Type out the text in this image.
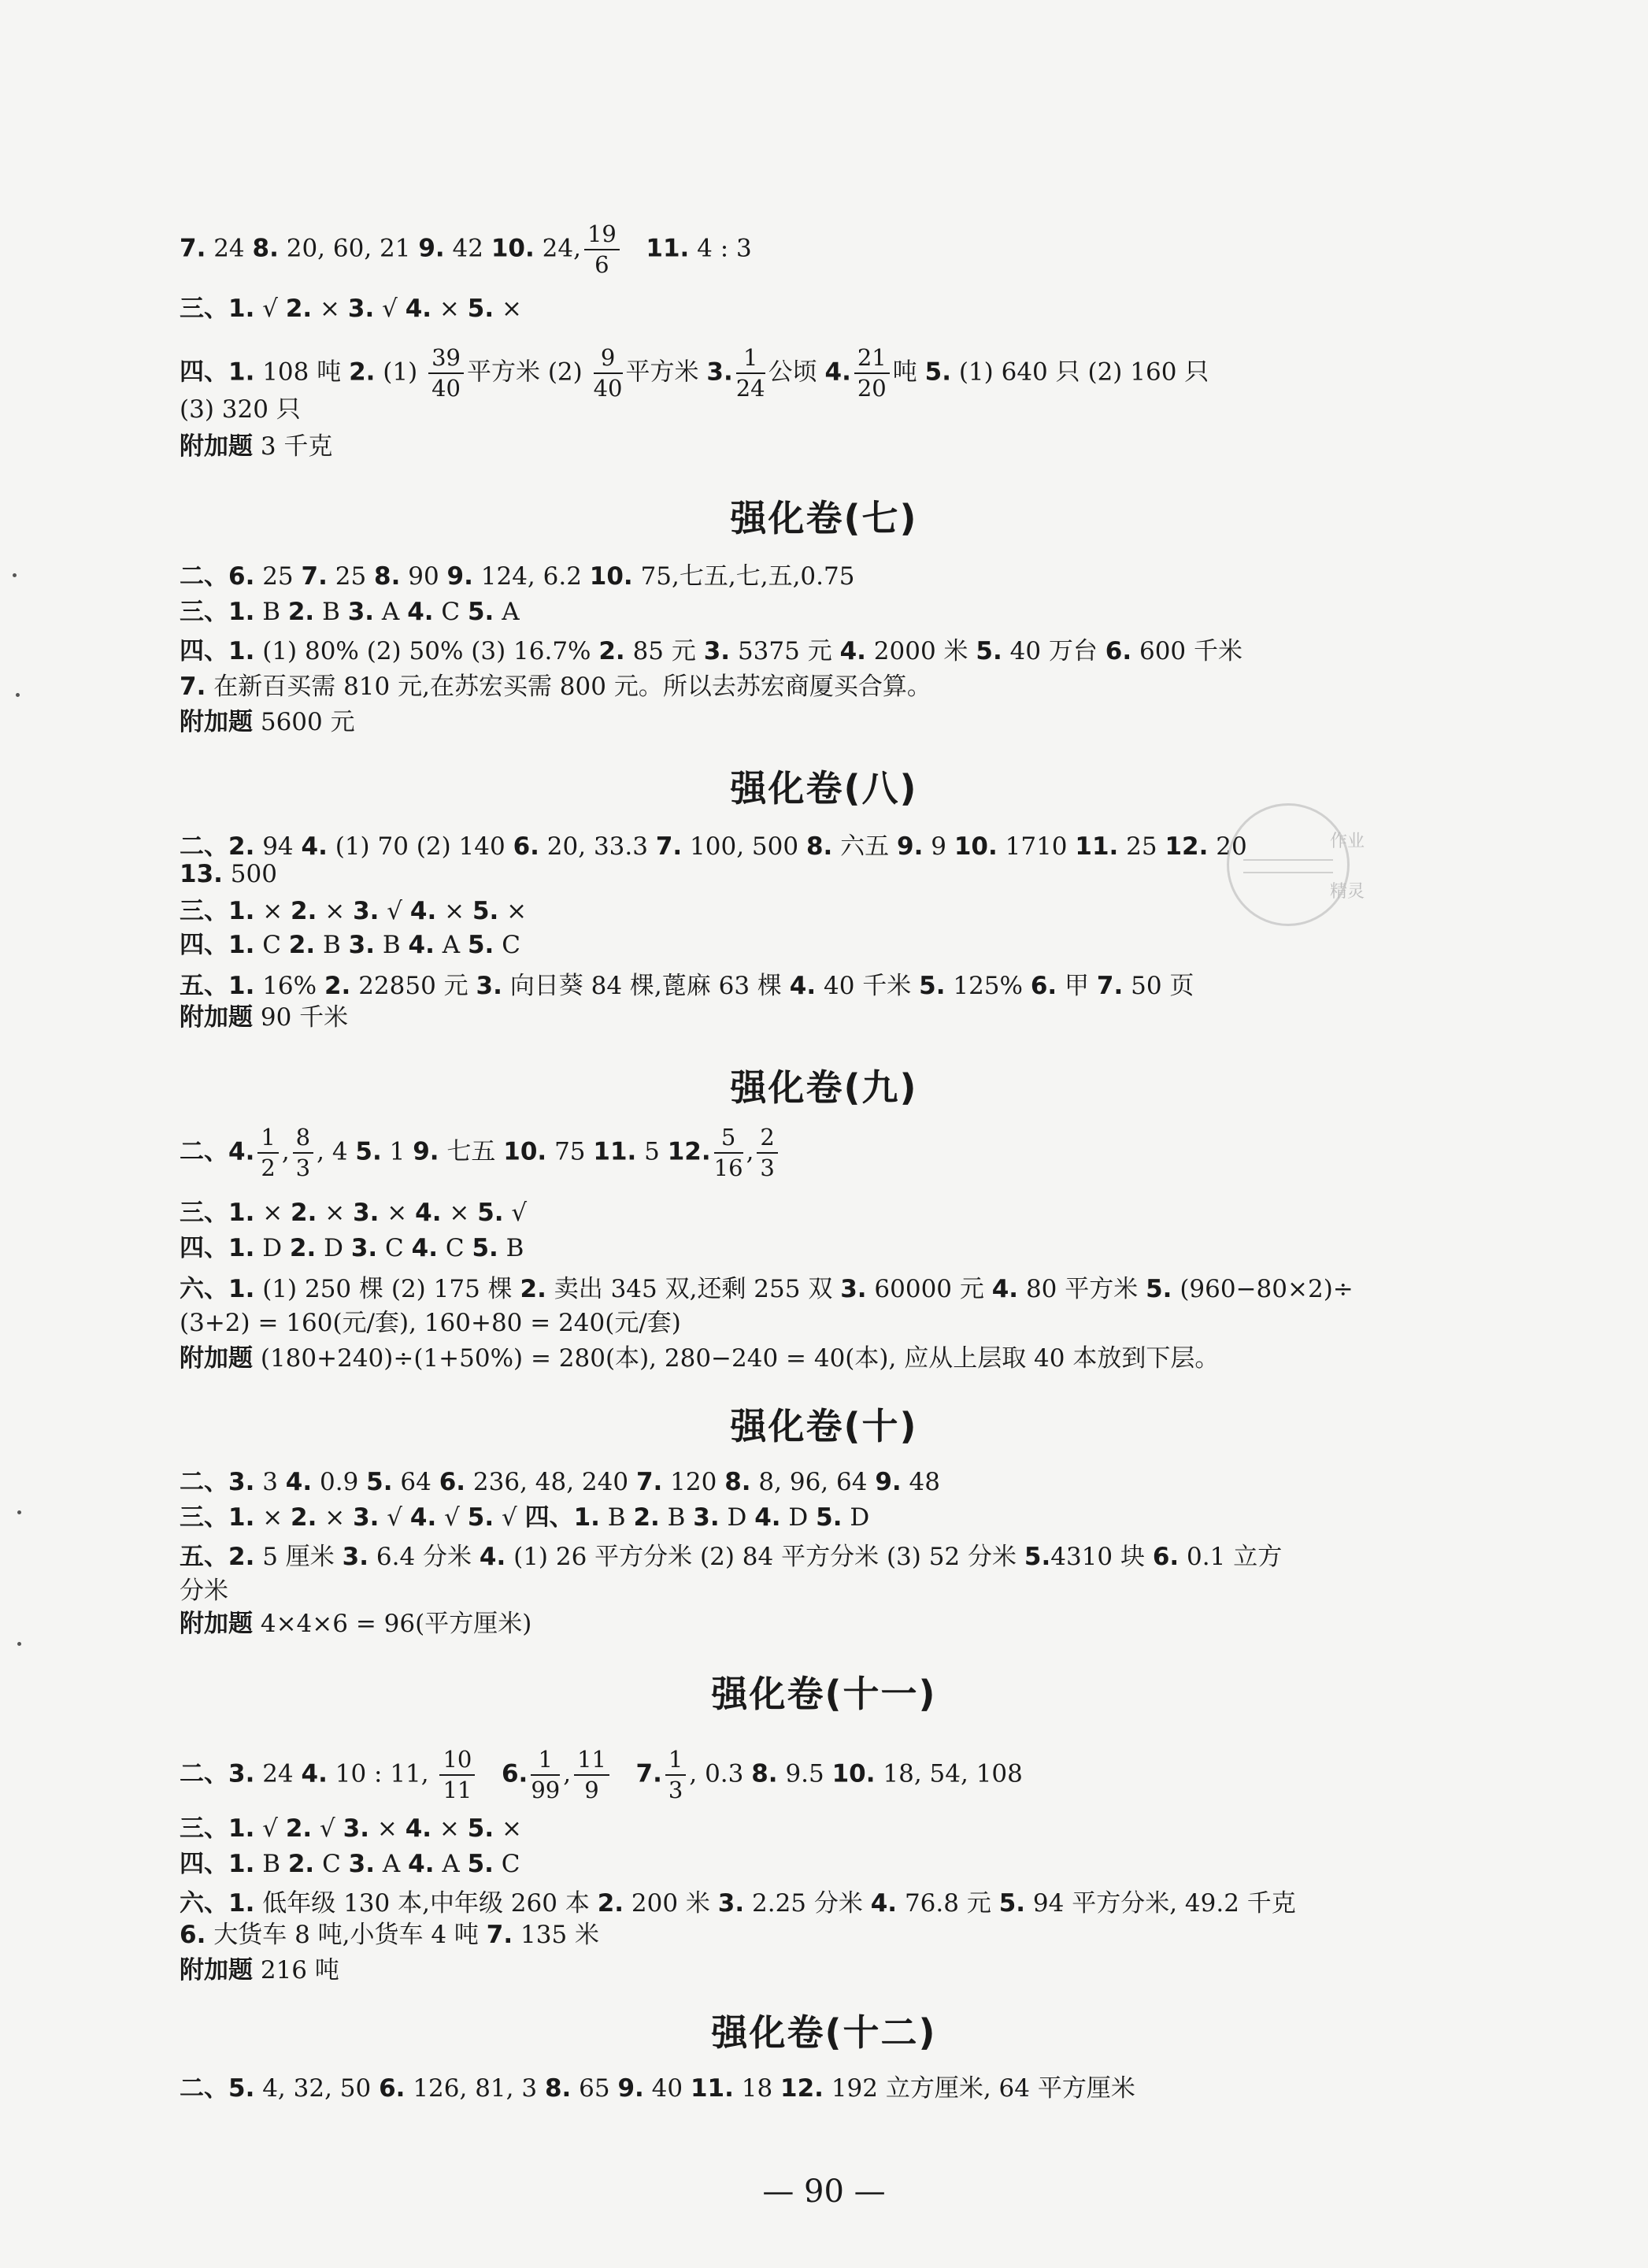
7. 24 8. 20, 60, 21 9. 42 10. 24, $\frac{19}{6} 11$. 4 : 3
三、1. √ 2. × 3. √ 4. × 5. ×
四、1. 108 吨 2. $(1) \frac{39}{40}$ 平方米 $(2) \frac{9}{40}$ 平方米 3. $\frac{1}{24}$ 公顷 4. $\frac{21}{20}$ 吨 5. (1) 640 只 (2) 160 只
(3) 320 只
附加题 3 千克
强化卷(七)
二、6. 25 7. 25 8. 90 9. 124, 6.2 10. 75,七五,七,五,0.75
三、1. B 2. B 3. A 4. C 5. A
四、1. (1) 80% (2) 50% (3) 16.7% 2. 85 元 3. 5375 元 4. 2000 米 5. 40 万台 6. 600 千米
7. 在新百买需 810 元,在苏宏买需 800 元。所以去苏宏商厦买合算。
附加题 5600 元
强化卷(八)
二、2. 94 4. (1) 70 (2) 140 6. 20, 33.3 7. 100, 500 8. 六五 9. 9 10. 1710 11. 25 12. 20
13. 500
三、1. × 2. × 3. √ 4. × 5. ×
四、1. C 2. B 3. B 4. A 5. C
五、1. 16% 2. 22850 元 3. 向日葵 84 棵,蓖麻 63 棵 4. 40 千米 5. 125% 6. 甲 7. 50 页
附加题 90 千米
强化卷(九)
二、4. $\frac{1}{2}$ , $\frac{8}{3}$ , 4 5. 1 9. 七五 10. 75 11. 5 12. $\frac{5}{16}$ , $\frac{2}{3}$
三、1. × 2. × 3. × 4. × 5. √
四、1. D 2. D 3. C 4. C 5. B
六、1. (1) 250 棵 (2) 175 棵 2. 卖出 345 双,还剩 255 双 3. 60000 元 4. 80 平方米 5. (960−80×2)÷
(3+2) = 160(元/套), 160+80 = 240(元/套)
附加题 (180+240)÷(1+50%) = 280(本), 280−240 = 40(本), 应从上层取 40 本放到下层。
强化卷(十)
二、3. 3 4. 0.9 5. 64 6. 236, 48, 240 7. 120 8. 8, 96, 64 9. 48
三、1. × 2. × 3. √ 4. √ 5. √ 四、1. B 2. B 3. D 4. D 5. D
五、2. 5 厘米 3. 6.4 分米 4. (1) 26 平方分米 (2) 84 平方分米 (3) 52 分米 5.4310 块 6. 0.1 立方
分米
附加题 4×4×6 = 96(平方厘米)
强化卷(十一)
二、3. 24 4. 10 : 11, $\frac{10}{11} 6$. $\frac{1}{99}$ , $\frac{11}{9} 7$. $\frac{1}{3}$ , 0.3 8. 9.5 10. 18, 54, 108
三、1. √ 2. √ 3. × 4. × 5. ×
四、1. B 2. C 3. A 4. A 5. C
六、1. 低年级 130 本,中年级 260 本 2. 200 米 3. 2.25 分米 4. 76.8 元 5. 94 平方分米, 49.2 千克
6. 大货车 8 吨,小货车 4 吨 7. 135 米
附加题 216 吨
强化卷(十二)
二、5. 4, 32, 50 6. 126, 81, 3 8. 65 9. 40 11. 18 12. 192 立方厘米, 64 平方厘米
作业
精灵
— 90 —
